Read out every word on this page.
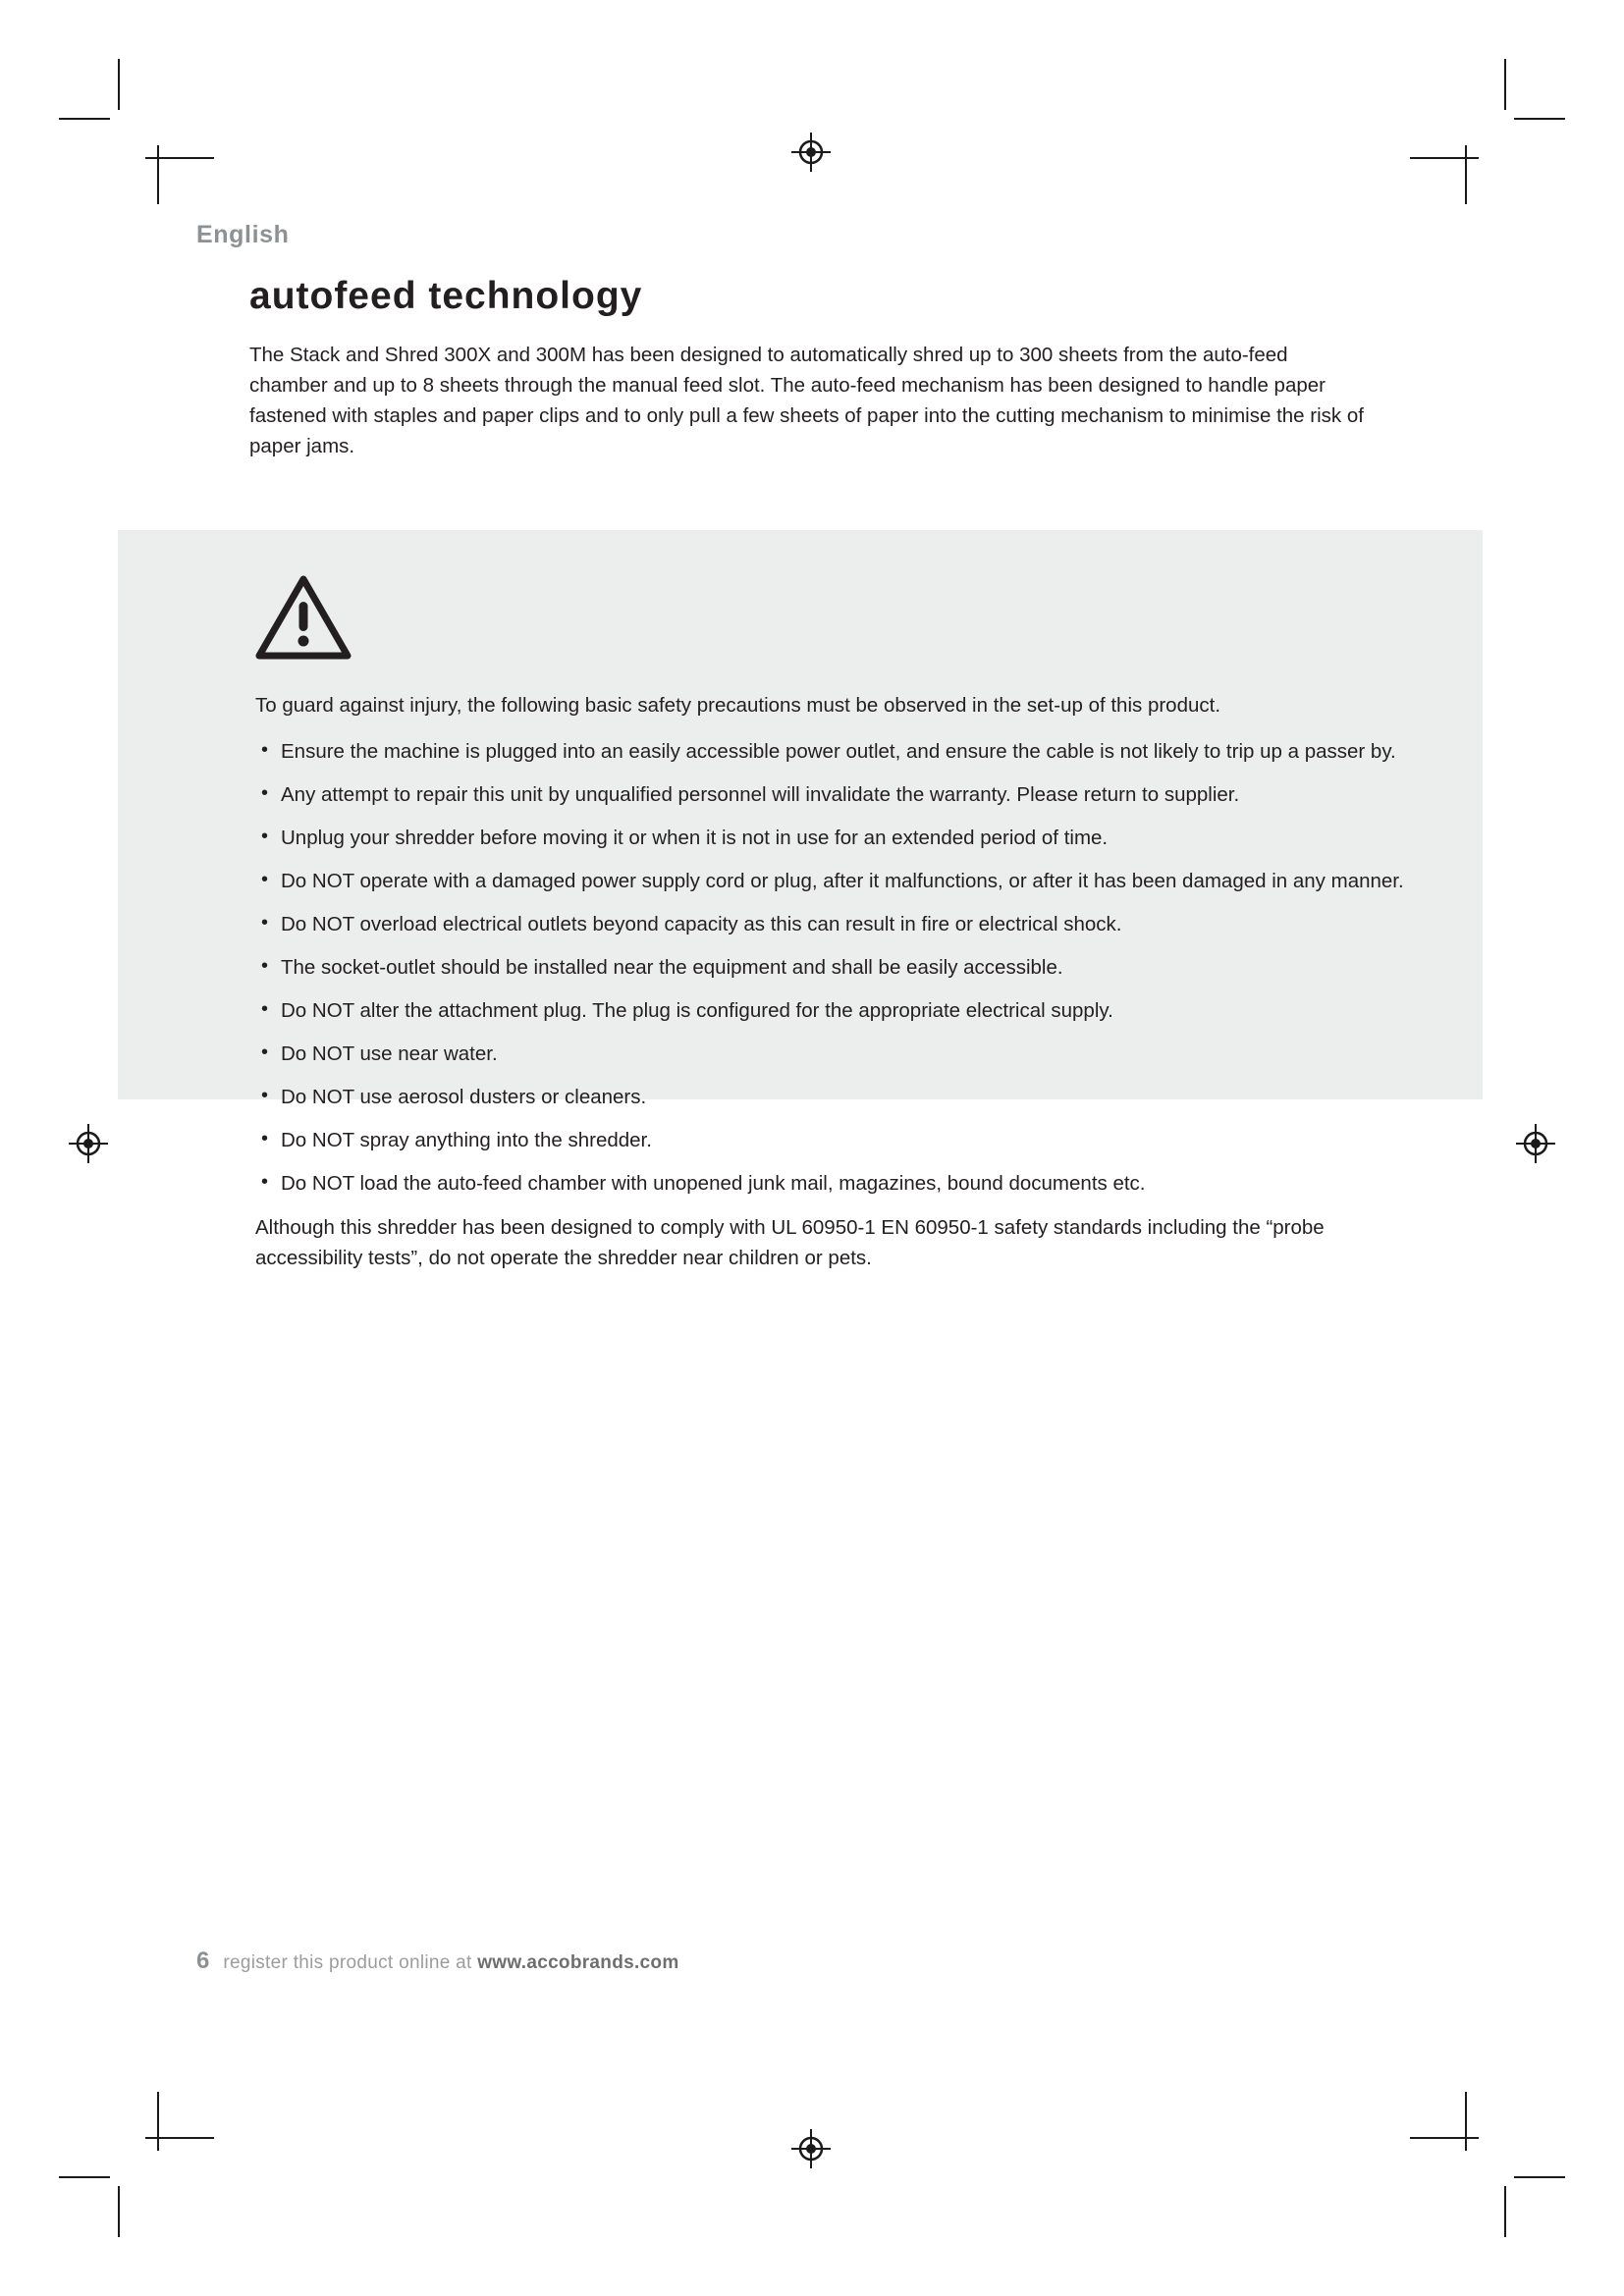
English
autofeed technology

The Stack and Shred 300X and 300M has been designed to automatically shred up to 300 sheets from the auto-feed chamber and up to 8 sheets through the manual feed slot. The auto-feed mechanism has been designed to handle paper fastened with staples and paper clips and to only pull a few sheets of paper into the cutting mechanism to minimise the risk of paper jams.

To guard against injury, the following basic safety precautions must be observed in the set-up of this product.

• Ensure the machine is plugged into an easily accessible power outlet, and ensure the cable is not likely to trip up a passer by.
• Any attempt to repair this unit by unqualified personnel will invalidate the warranty. Please return to supplier.
• Unplug your shredder before moving it or when it is not in use for an extended period of time.
• Do NOT operate with a damaged power supply cord or plug, after it malfunctions, or after it has been damaged in any manner.
• Do NOT overload electrical outlets beyond capacity as this can result in fire or electrical shock.
• The socket-outlet should be installed near the equipment and shall be easily accessible.
• Do NOT alter the attachment plug. The plug is configured for the appropriate electrical supply.
• Do NOT use near water.
• Do NOT use aerosol dusters or cleaners.
• Do NOT spray anything into the shredder.
• Do NOT load the auto-feed chamber with unopened junk mail, magazines, bound documents etc.

Although this shredder has been designed to comply with UL 60950-1 EN 60950-1 safety standards including the “probe accessibility tests”, do not operate the shredder near children or pets.

6 register this product online at www.accobrands.com
